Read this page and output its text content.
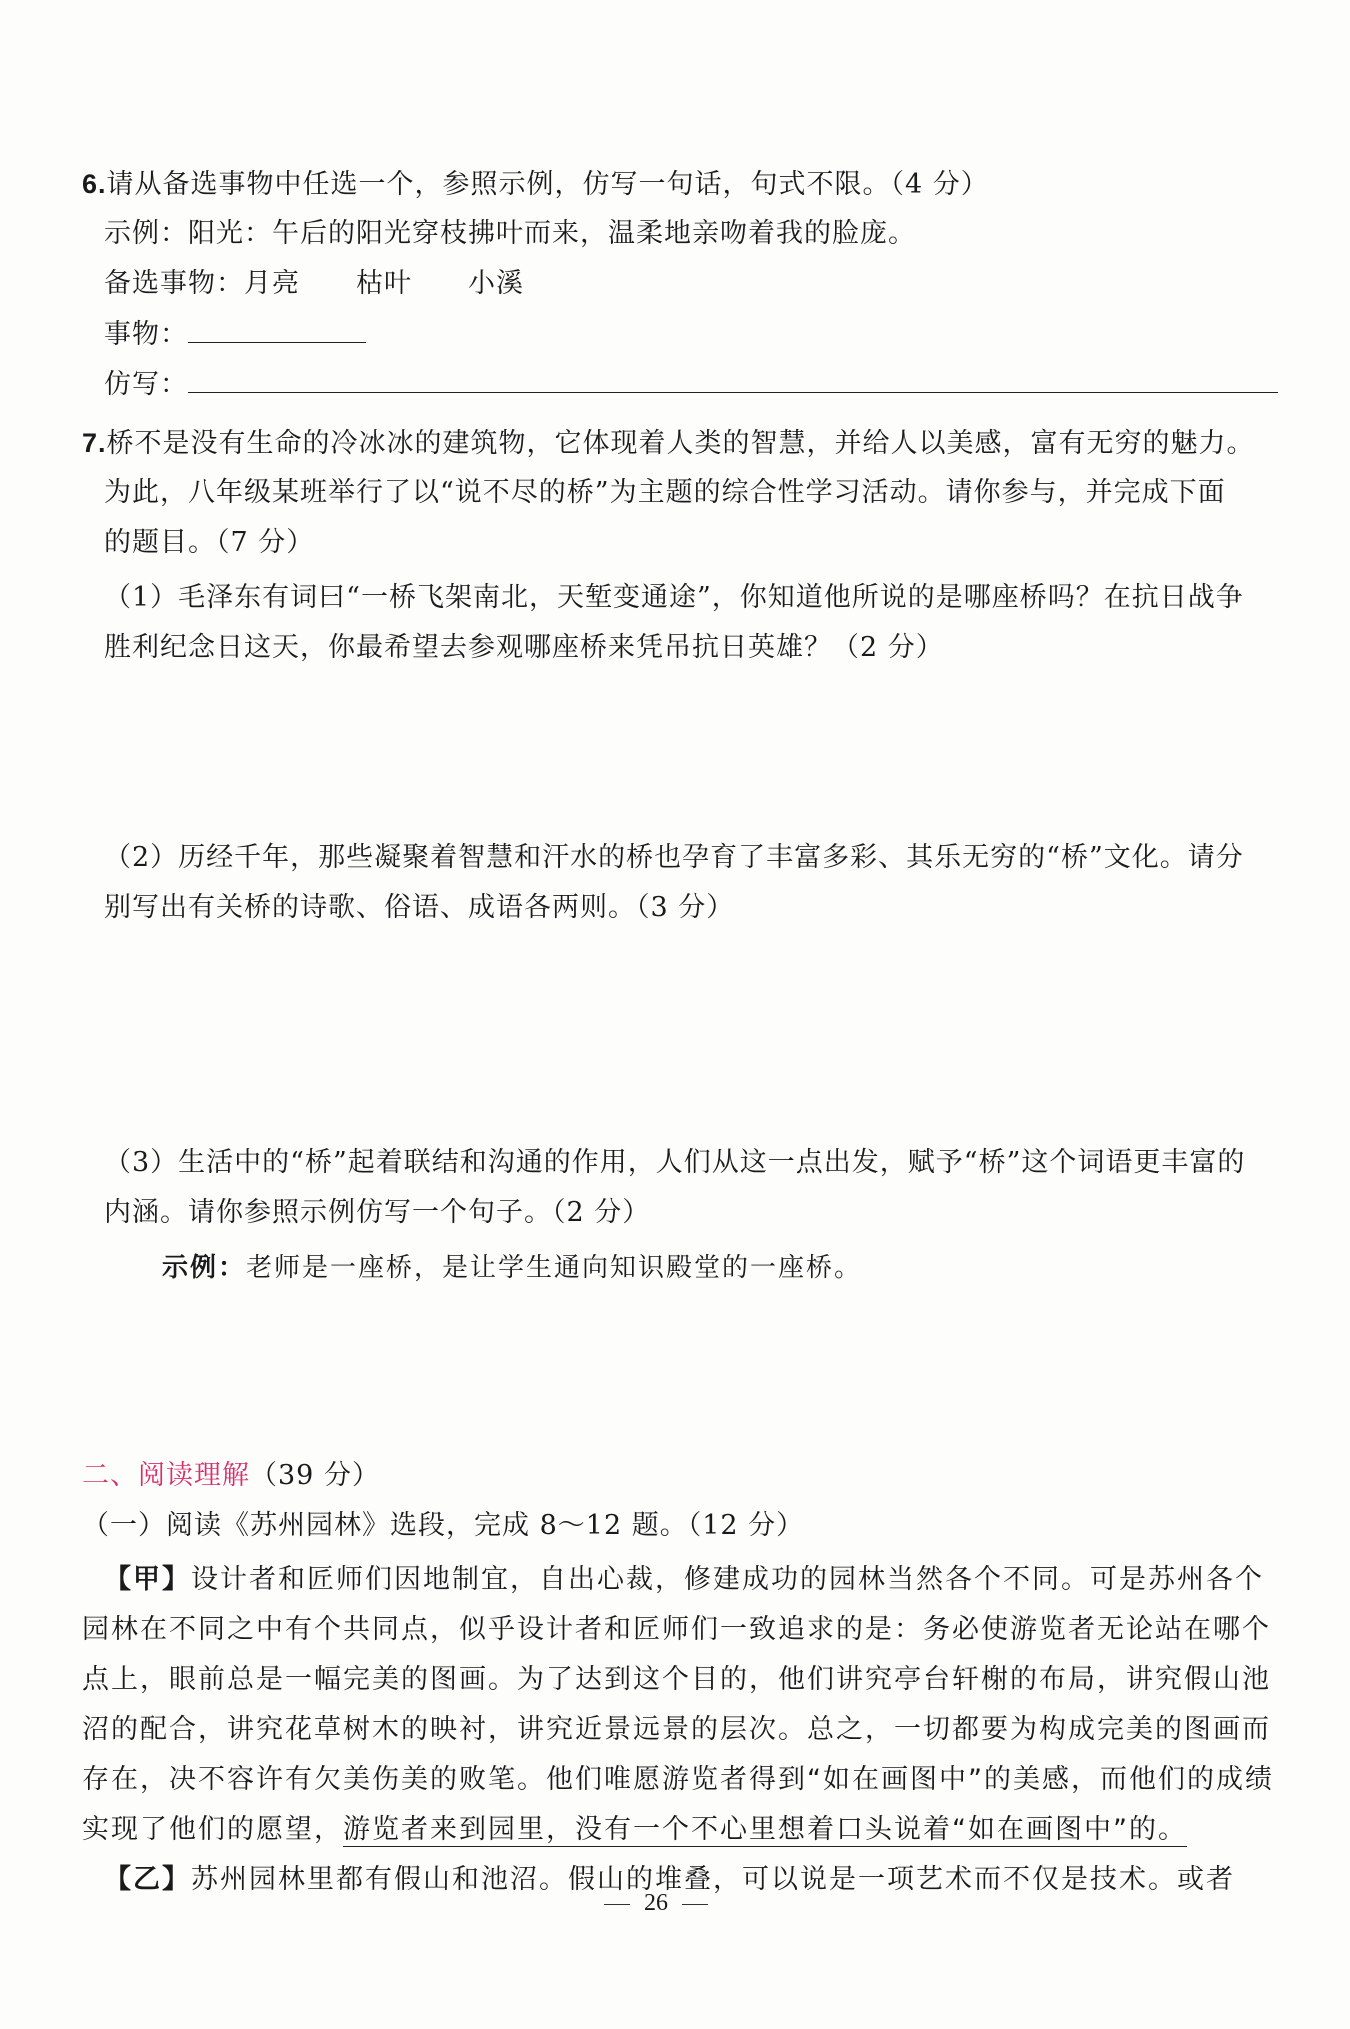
6.请从备选事物中任选一个，参照示例，仿写一句话，句式不限。（4 分）
示例：阳光：午后的阳光穿枝拂叶而来，温柔地亲吻着我的脸庞。
备选事物：月亮 枯叶 小溪
事物：
仿写：
7.桥不是没有生命的冷冰冰的建筑物，它体现着人类的智慧，并给人以美感，富有无穷的魅力。
为此，八年级某班举行了以“说不尽的桥”为主题的综合性学习活动。请你参与，并完成下面
的题目。（7 分）
（1）毛泽东有词曰“一桥飞架南北，天堑变通途”，你知道他所说的是哪座桥吗？在抗日战争
胜利纪念日这天，你最希望去参观哪座桥来凭吊抗日英雄？（2 分）
（2）历经千年，那些凝聚着智慧和汗水的桥也孕育了丰富多彩、其乐无穷的“桥”文化。请分
别写出有关桥的诗歌、俗语、成语各两则。（3 分）
（3）生活中的“桥”起着联结和沟通的作用，人们从这一点出发，赋予“桥”这个词语更丰富的
内涵。请你参照示例仿写一个句子。（2 分）
示例：老师是一座桥，是让学生通向知识殿堂的一座桥。
二、阅读理解（39 分）
（一）阅读《苏州园林》选段，完成 8～12 题。（12 分）
【甲】设计者和匠师们因地制宜，自出心裁，修建成功的园林当然各个不同。可是苏州各个
园林在不同之中有个共同点，似乎设计者和匠师们一致追求的是：务必使游览者无论站在哪个
点上，眼前总是一幅完美的图画。为了达到这个目的，他们讲究亭台轩榭的布局，讲究假山池
沼的配合，讲究花草树木的映衬，讲究近景远景的层次。总之，一切都要为构成完美的图画而
存在，决不容许有欠美伤美的败笔。他们唯愿游览者得到“如在画图中”的美感，而他们的成绩
实现了他们的愿望，游览者来到园里，没有一个不心里想着口头说着“如在画图中”的。
【乙】苏州园林里都有假山和池沼。假山的堆叠，可以说是一项艺术而不仅是技术。或者
26
